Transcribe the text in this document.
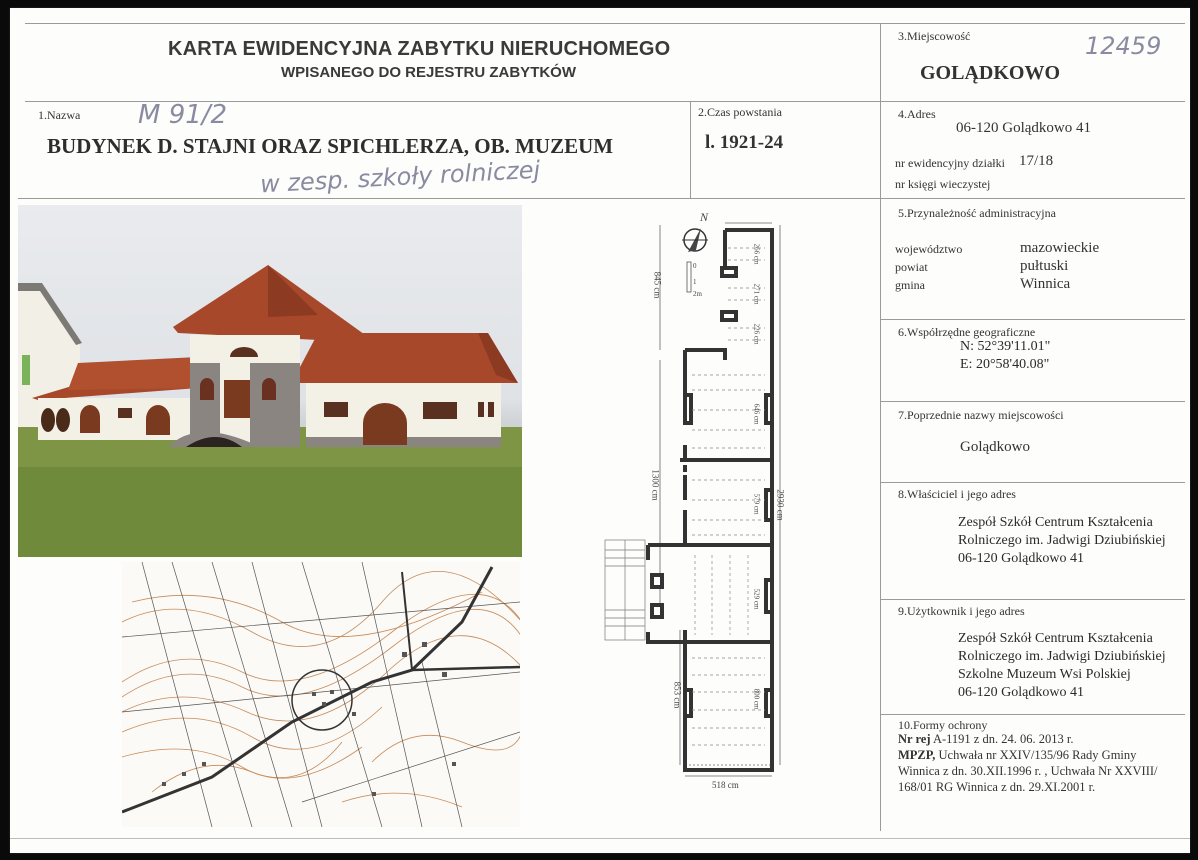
KARTA EWIDENCYJNA ZABYTKU NIERUCHOMEGO
WPISANEGO DO REJESTRU ZABYTKÓW
1.Nazwa M 91/2
BUDYNEK D. STAJNI ORAZ SPICHLERZA, OB. MUZEUM
w zesp. szkoły rolniczej
2.Czas powstania
l. 1921-24
3.Miejscowość	12459
GOLĄDKOWO
4.Adres
06-120 Golądkowo 41
nr ewidencyjny działki 17/18
nr księgi wieczystej
5.Przynależność administracyjna
województwo	mazowieckie
powiat	pułtuski
gmina	Winnica
6.Współrzędne geograficzne
N: 52°39'11.01"
E: 20°58'40.08"
7.Poprzednie nazwy miejscowości
Golądkowo
8.Właściciel i jego adres
Zespół Szkół Centrum Kształcenia
Rolniczego im. Jadwigi Dziubińskiej
06-120 Golądkowo 41
9.Użytkownik i jego adres
Zespół Szkół Centrum Kształcenia
Rolniczego im. Jadwigi Dziubińskiej
Szkolne Muzeum Wsi Polskiej
06-120 Golądkowo 41
10.Formy ochrony
Nr rej A-1191 z dn. 24. 06. 2013 r.
MPZP, Uchwała nr XXIV/135/96 Rady Gminy
Winnica z dn. 30.XII.1996 r. , Uchwała Nr XXVIII/
168/01 RG Winnica z dn. 29.XI.2001 r.
N
0
1
2m
845 cm
1300 cm
853 cm
2930 cm
518 cm
266 cm
271 cm
226 cm
646 cm
579 cm
529 cm
800 cm
